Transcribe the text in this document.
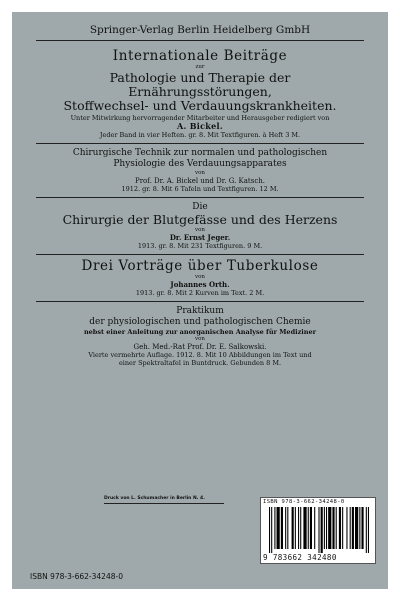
Springer-Verlag Berlin Heidelberg GmbH
Internationale Beiträge
zur
Pathologie und Therapie der Ernährungsstörungen,
Stoffwechsel- und Verdauungskrankheiten.
Unter Mitwirkung hervorragender Mitarbeiter und Herausgeber redigiert von
A. Bickel.
Jeder Band in vier Heften. gr. 8. Mit Textfiguren. à Heft 3 M.
Chirurgische Technik zur normalen und pathologischen
Physiologie des Verdauungsapparates
von
Prof. Dr. A. Bickel und Dr. G. Katsch.
1912. gr. 8. Mit 6 Tafeln und Textfiguren. 12 M.
Die
Chirurgie der Blutgefässe und des Herzens
von
Dr. Ernst Jeger.
1913. gr. 8. Mit 231 Textfiguren. 9 M.
Drei Vorträge über Tuberkulose
von
Johannes Orth.
1913. gr. 8. Mit 2 Kurven im Text. 2 M.
Praktikum
der physiologischen und pathologischen Chemie
nebst einer Anleitung zur anorganischen Analyse für Mediziner
von
Geh. Med.-Rat Prof. Dr. E. Salkowski.
Vierte vermehrte Auflage. 1912. 8. Mit 10 Abbildungen im Text und
einer Spektraltafel in Buntdruck. Gebunden 8 M.
Druck von L. Schumacher in Berlin N. 4.
ISBN 978-3-662-34248-0
9 783662 342480
ISBN 978-3-662-34248-0
